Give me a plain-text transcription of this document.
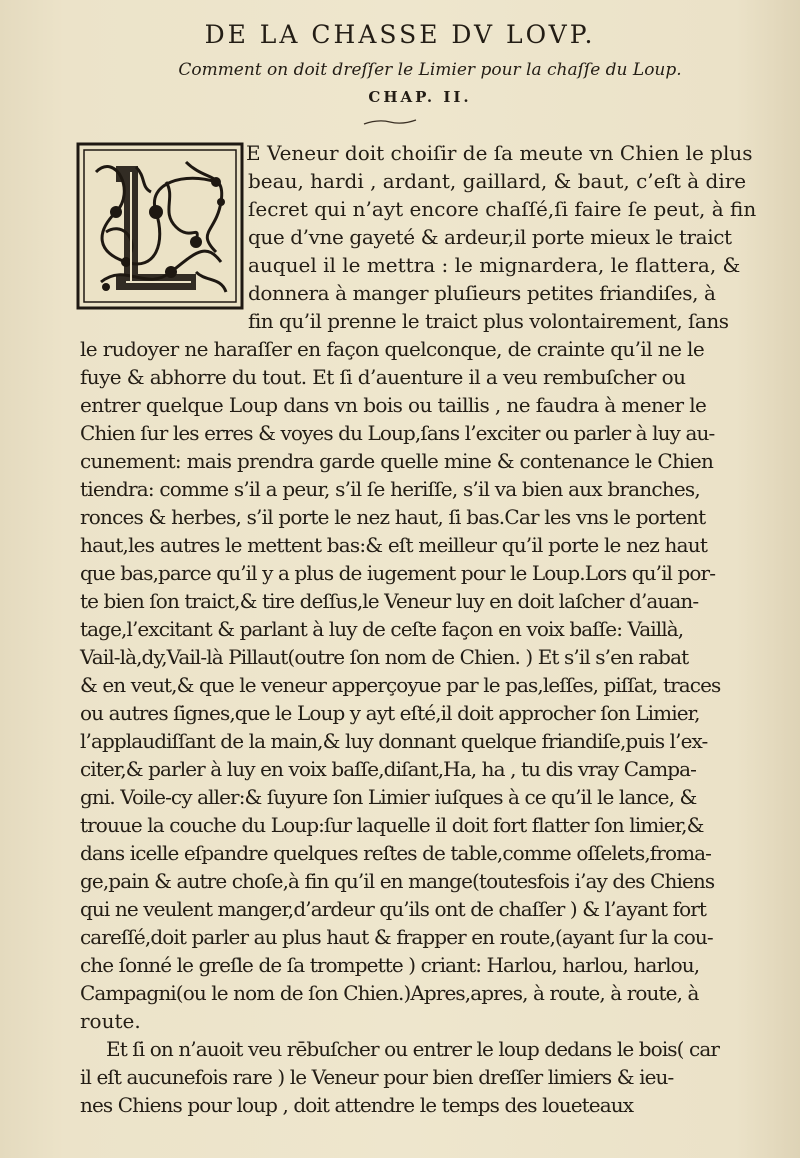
DE LA CHASSE DV LOVP.
Comment on doit dreſſer le Limier pour la chaſſe du Loup.
CHAP. II.
E Veneur doit choiſir de ſa meute vn Chien le plus
beau, hardi , ardant, gaillard, & baut, c’eſt à dire
ſecret qui n’ayt encore chaſſé,ſi faire ſe peut, à fin
que d’vne gayeté & ardeur,il porte mieux le traict
auquel il le mettra : le mignardera, le flattera, &
donnera à manger pluſieurs petites friandiſes, à
fin qu’il prenne le traict plus volontairement, ſans
le rudoyer ne haraſſer en façon quelconque, de crainte qu’il ne le
fuye & abhorre du tout. Et ſi d’auenture il a veu rembuſcher ou
entrer quelque Loup dans vn bois ou taillis , ne faudra à mener le
Chien ſur les erres & voyes du Loup,ſans l’exciter ou parler à luy au-
cunement: mais prendra garde quelle mine & contenance le Chien
tiendra: comme s’il a peur, s’il ſe heriſſe, s’il va bien aux branches,
ronces & herbes, s’il porte le nez haut, ſi bas.Car les vns le portent
haut,les autres le mettent bas:& eſt meilleur qu’il porte le nez haut
que bas,parce qu’il y a plus de iugement pour le Loup.Lors qu’il por-
te bien ſon traict,& tire deſſus,le Veneur luy en doit laſcher d’auan-
tage,l’excitant & parlant à luy de ceſte façon en voix baſſe: Vaillà,
Vail-là,dy,Vail-là Pillaut(outre ſon nom de Chien. ) Et s’il s’en rabat
& en veut,& que le veneur apperçoyue par le pas,leſſes, piſſat, traces
ou autres ſignes,que le Loup y ayt eſté,il doit approcher ſon Limier,
l’applaudiſſant de la main,& luy donnant quelque friandiſe,puis l’ex-
citer,& parler à luy en voix baſſe,diſant,Ha, ha , tu dis vray Campa-
gni. Voile-cy aller:& ſuyure ſon Limier iuſques à ce qu’il le lance, &
trouue la couche du Loup:ſur laquelle il doit fort flatter ſon limier,&
dans icelle eſpandre quelques reſtes de table,comme oſſelets,froma-
ge,pain & autre choſe,à fin qu’il en mange(toutesfois i’ay des Chiens
qui ne veulent manger,d’ardeur qu’ils ont de chaſſer ) & l’ayant fort
careſſé,doit parler au plus haut & frapper en route,(ayant ſur la cou-
che ſonné le greſle de ſa trompette ) criant: Harlou, harlou, harlou,
Campagni(ou le nom de ſon Chien.)Apres,apres, à route, à route, à
route.
Et ſi on n’auoit veu rēbuſcher ou entrer le loup dedans le bois( car
il eſt aucunefois rare ) le Veneur pour bien dreſſer limiers & ieu-
nes Chiens pour loup , doit attendre le temps des loueteaux
